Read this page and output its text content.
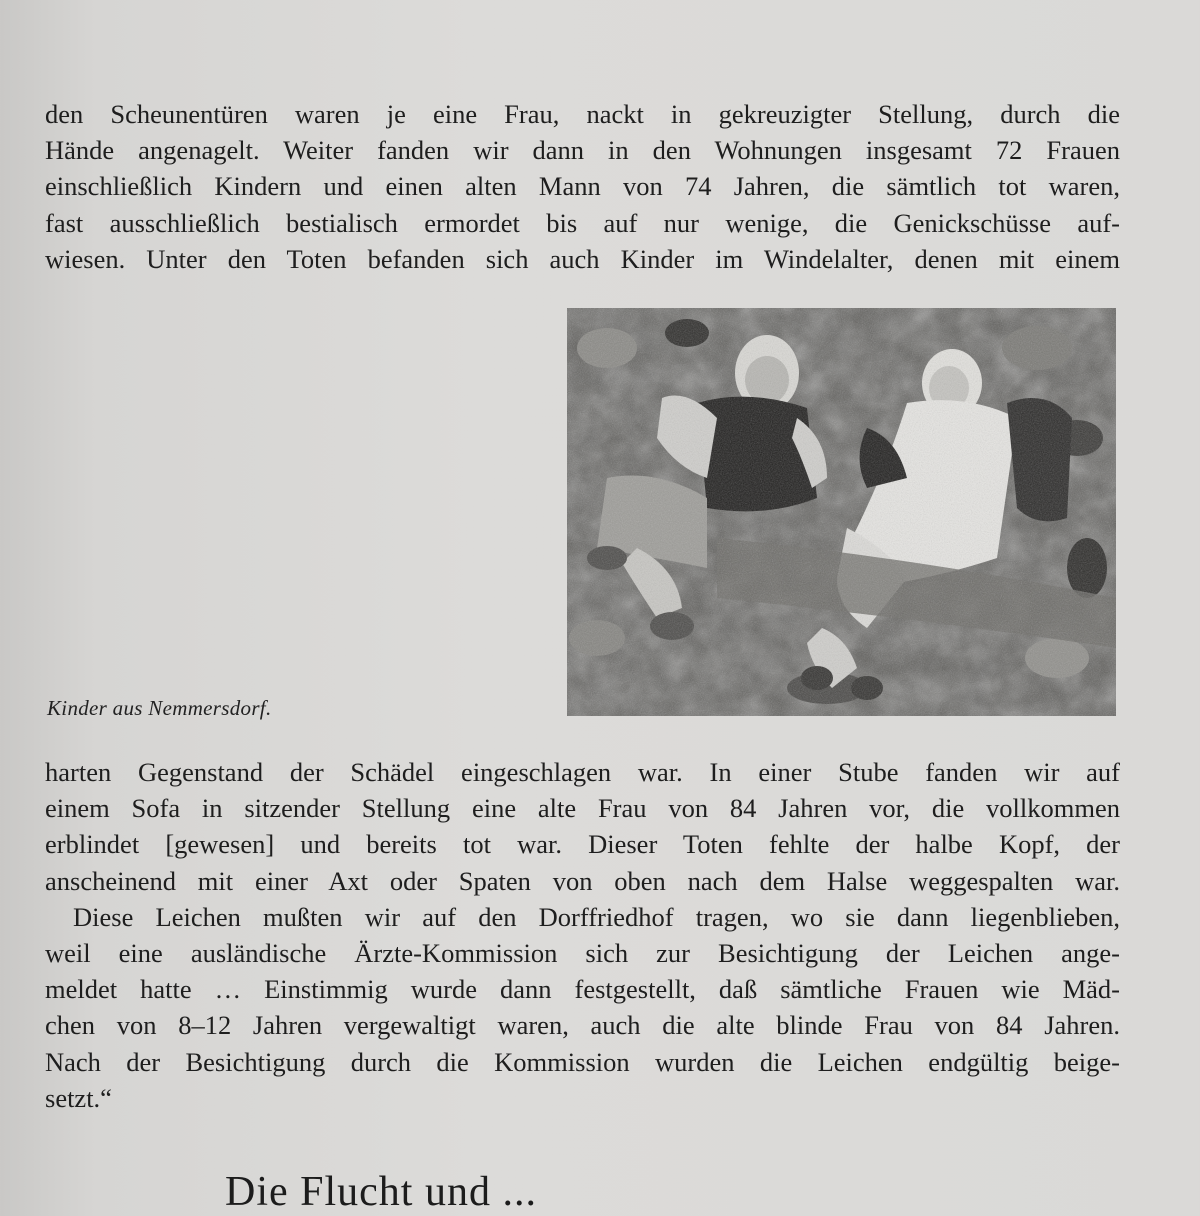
den Scheunentüren waren je eine Frau, nackt in gekreuzigter Stellung, durch die
Hände angenagelt. Weiter fanden wir dann in den Wohnungen insgesamt 72 Frauen
einschließlich Kindern und einen alten Mann von 74 Jahren, die sämtlich tot waren,
fast ausschließlich bestialisch ermordet bis auf nur wenige, die Genickschüsse auf-
wiesen. Unter den Toten befanden sich auch Kinder im Windelalter, denen mit einem
Kinder aus Nemmersdorf.
harten Gegenstand der Schädel eingeschlagen war. In einer Stube fanden wir auf
einem Sofa in sitzender Stellung eine alte Frau von 84 Jahren vor, die vollkommen
erblindet [gewesen] und bereits tot war. Dieser Toten fehlte der halbe Kopf, der
anscheinend mit einer Axt oder Spaten von oben nach dem Halse weggespalten war.
Diese Leichen mußten wir auf den Dorffriedhof tragen, wo sie dann liegenblieben,
weil eine ausländische Ärzte-Kommission sich zur Besichtigung der Leichen ange-
meldet hatte … Einstimmig wurde dann festgestellt, daß sämtliche Frauen wie Mäd-
chen von 8–12 Jahren vergewaltigt waren, auch die alte blinde Frau von 84 Jahren.
Nach der Besichtigung durch die Kommission wurden die Leichen endgültig beige-
setzt.“
Die Flucht und ...
